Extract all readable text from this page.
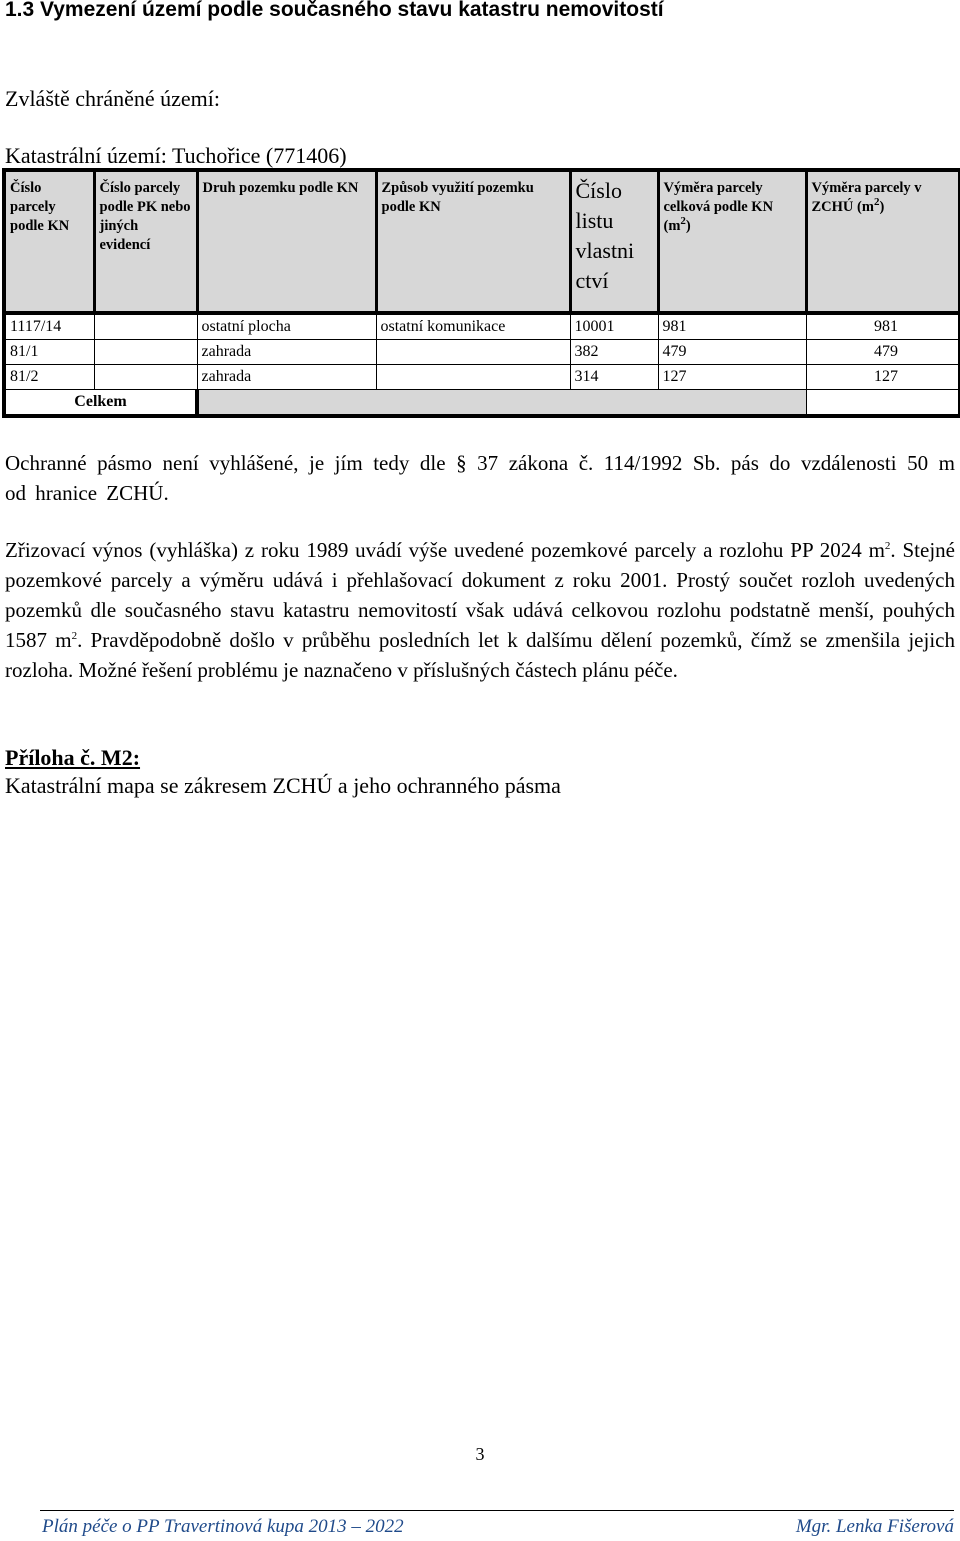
1.3 Vymezení území podle současného stavu katastru nemovitostí
Zvláště chráněné území:
Katastrální území: Tuchořice (771406)
Číslo parcely podle KN	Číslo parcely podle PK nebo jiných evidencí	Druh pozemku podle KN	Způsob využití pozemku podle KN	Číslo listu vlastni ctví	Výměra parcely celková podle KN $(m^2)$	Výměra parcely v ZCHÚ $(m^2)$
1117/14		ostatní plocha	ostatní komunikace	10001	981	981
81/1		zahrada		382	479	479
81/2		zahrada		314	127	127
Celkem						
Ochranné pásmo není vyhlášené, je jím tedy dle § 37 zákona č. 114/1992 Sb. pás do vzdálenosti 50 m od hranice ZCHÚ.
Zřizovací výnos (vyhláška) z roku 1989 uvádí výše uvedené pozemkové parcely a rozlohu PP 2024 $m^2$. Stejné pozemkové parcely a výměru udává i přehlašovací dokument z roku 2001. Prostý součet rozloh uvedených pozemků dle současného stavu katastru nemovitostí však udává celkovou rozlohu podstatně menší, pouhých 1587 $m^2$. Pravděpodobně došlo v průběhu posledních let k dalšímu dělení pozemků, čímž se zmenšila jejich rozloha. Možné řešení problému je naznačeno v příslušných částech plánu péče.
Příloha č. M2:
Katastrální mapa se zákresem ZCHÚ a jeho ochranného pásma
3
Plán péče o PP Travertinová kupa 2013 – 2022	Mgr. Lenka Fišerová
